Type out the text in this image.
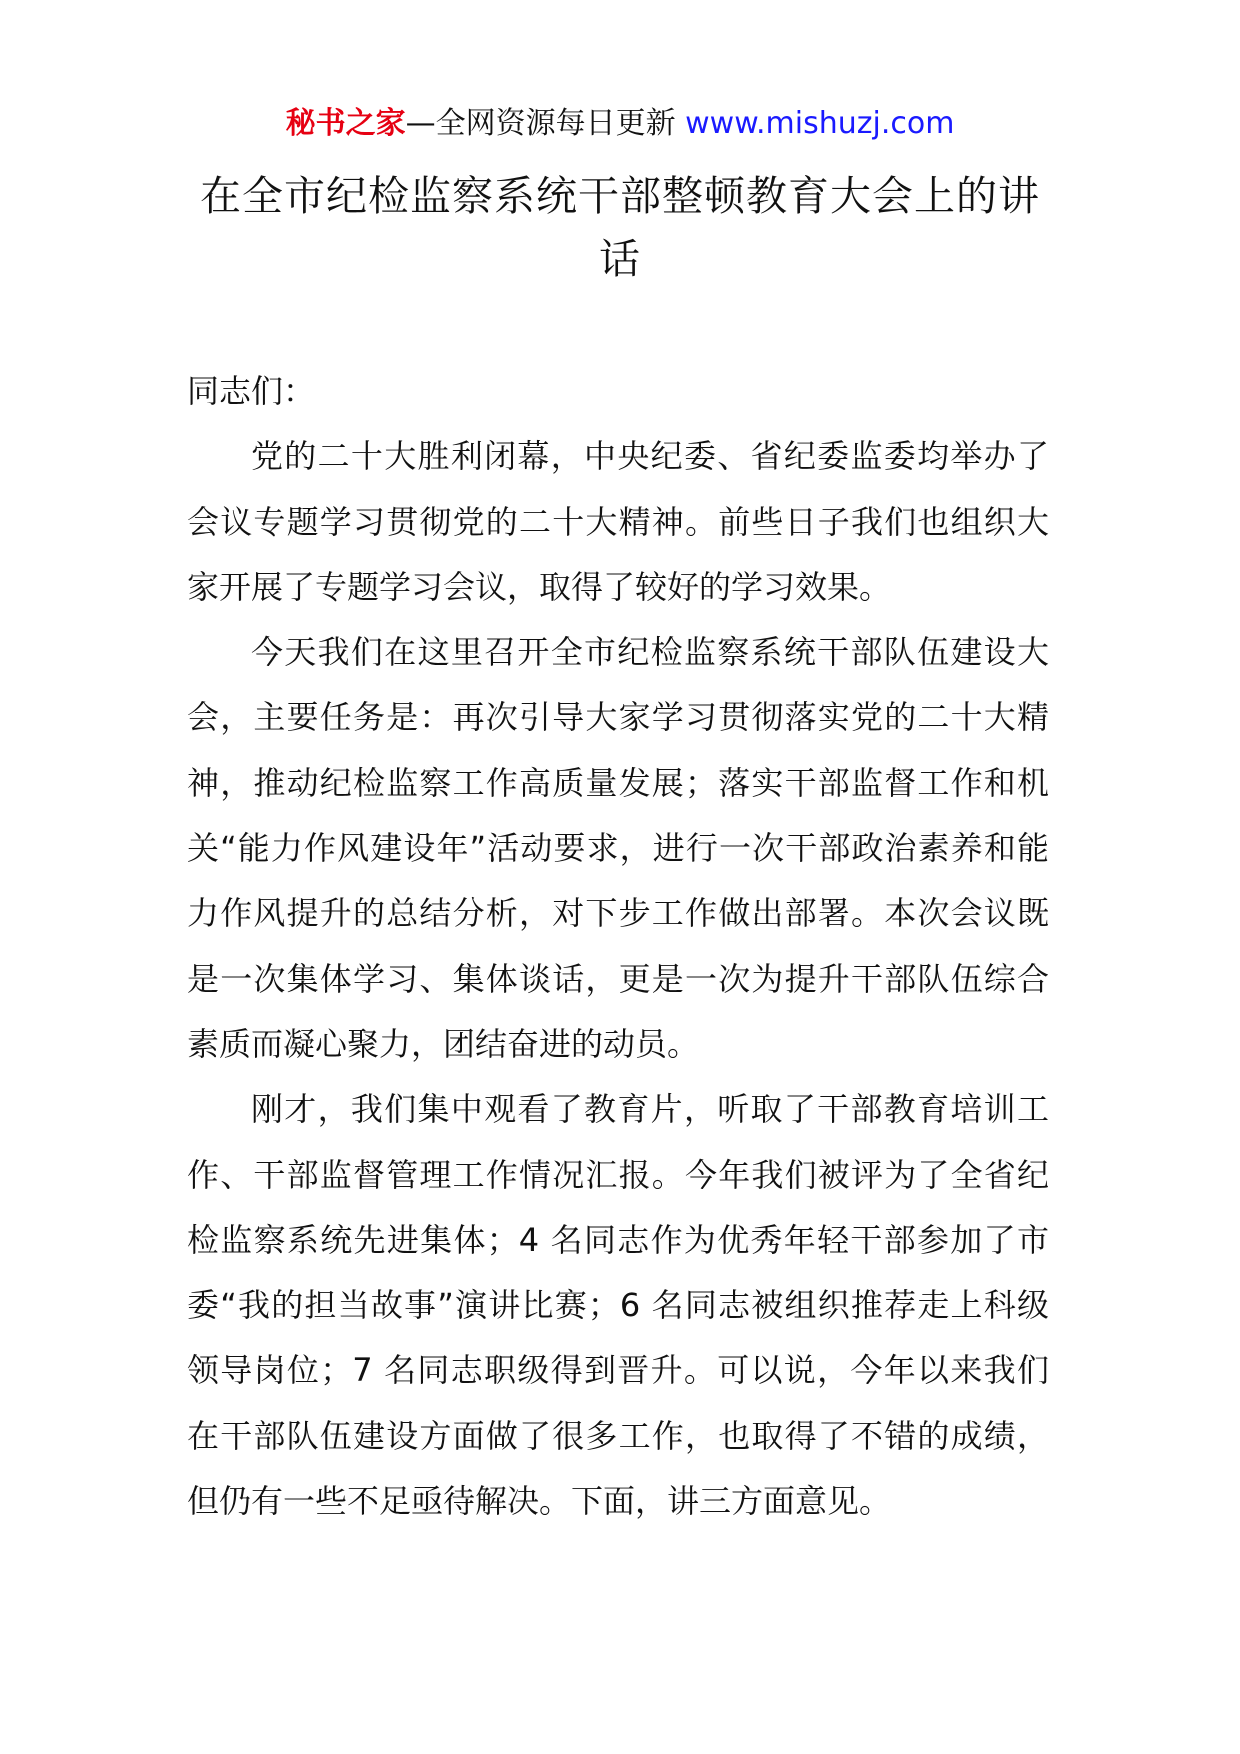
秘书之家—全网资源每日更新 www.mishuzj.com
在全市纪检监察系统干部整顿教育大会上的讲话

同志们：

党的二十大胜利闭幕，中央纪委、省纪委监委均举办了会议专题学习贯彻党的二十大精神。前些日子我们也组织大家开展了专题学习会议，取得了较好的学习效果。

今天我们在这里召开全市纪检监察系统干部队伍建设大会，主要任务是：再次引导大家学习贯彻落实党的二十大精神，推动纪检监察工作高质量发展；落实干部监督工作和机关“能力作风建设年”活动要求，进行一次干部政治素养和能力作风提升的总结分析，对下步工作做出部署。本次会议既是一次集体学习、集体谈话，更是一次为提升干部队伍综合素质而凝心聚力，团结奋进的动员。

刚才，我们集中观看了教育片，听取了干部教育培训工作、干部监督管理工作情况汇报。今年我们被评为了全省纪检监察系统先进集体；4 名同志作为优秀年轻干部参加了市委“我的担当故事”演讲比赛；6 名同志被组织推荐走上科级领导岗位；7 名同志职级得到晋升。可以说，今年以来我们在干部队伍建设方面做了很多工作，也取得了不错的成绩，但仍有一些不足亟待解决。下面，讲三方面意见。
